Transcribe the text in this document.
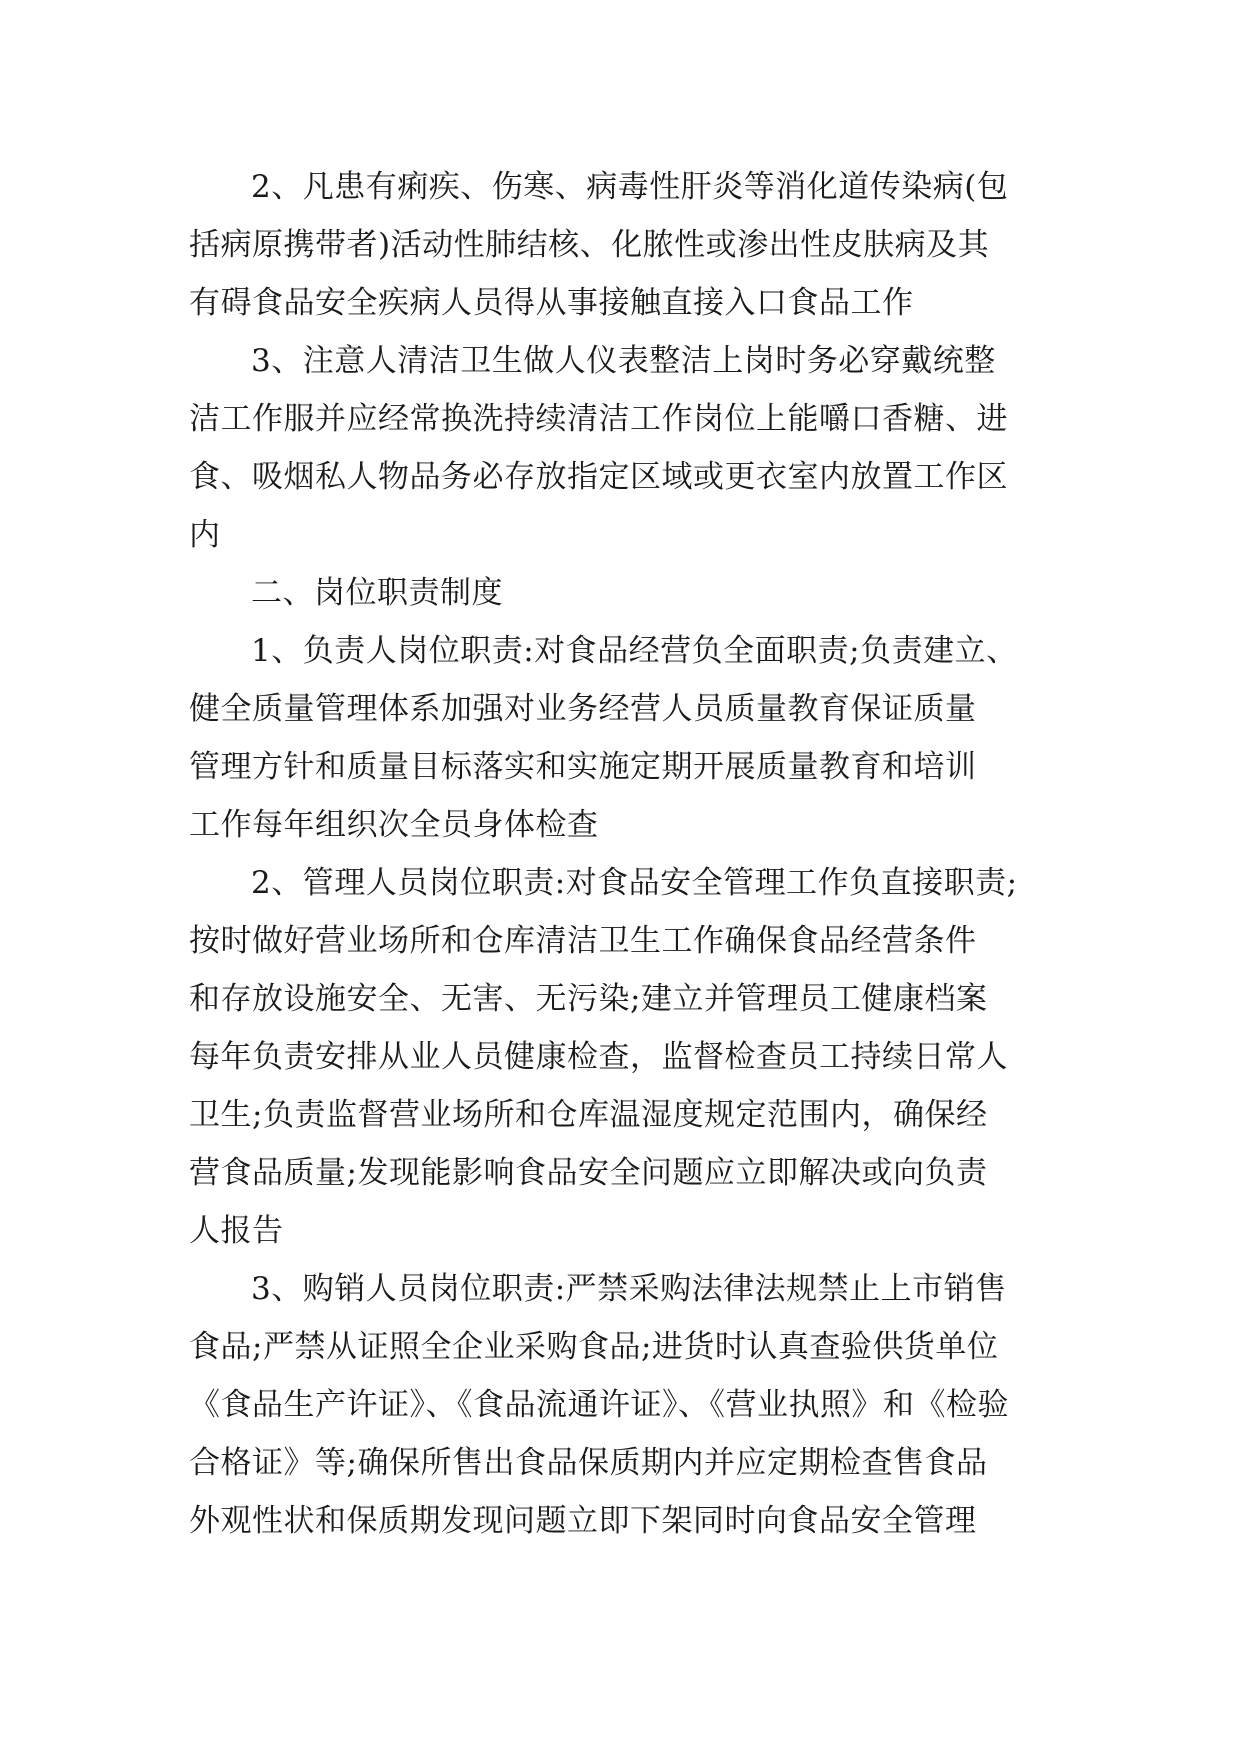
2、凡患有痢疾、伤寒、病毒性肝炎等消化道传染病(包
括病原携带者)活动性肺结核、化脓性或渗出性皮肤病及其
有碍食品安全疾病人员得从事接触直接入口食品工作
3、注意人清洁卫生做人仪表整洁上岗时务必穿戴统整
洁工作服并应经常换洗持续清洁工作岗位上能嚼口香糖、进
食、吸烟私人物品务必存放指定区域或更衣室内放置工作区
内
二、岗位职责制度
1、负责人岗位职责:对食品经营负全面职责;负责建立、
健全质量管理体系加强对业务经营人员质量教育保证质量
管理方针和质量目标落实和实施定期开展质量教育和培训
工作每年组织次全员身体检查
2、管理人员岗位职责:对食品安全管理工作负直接职责;
按时做好营业场所和仓库清洁卫生工作确保食品经营条件
和存放设施安全、无害、无污染;建立并管理员工健康档案
每年负责安排从业人员健康检查，监督检查员工持续日常人
卫生;负责监督营业场所和仓库温湿度规定范围内，确保经
营食品质量;发现能影响食品安全问题应立即解决或向负责
人报告
3、购销人员岗位职责:严禁采购法律法规禁止上市销售
食品;严禁从证照全企业采购食品;进货时认真查验供货单位
《食品生产许证》、《食品流通许证》、《营业执照》和《检验
合格证》等;确保所售出食品保质期内并应定期检查售食品
外观性状和保质期发现问题立即下架同时向食品安全管理
